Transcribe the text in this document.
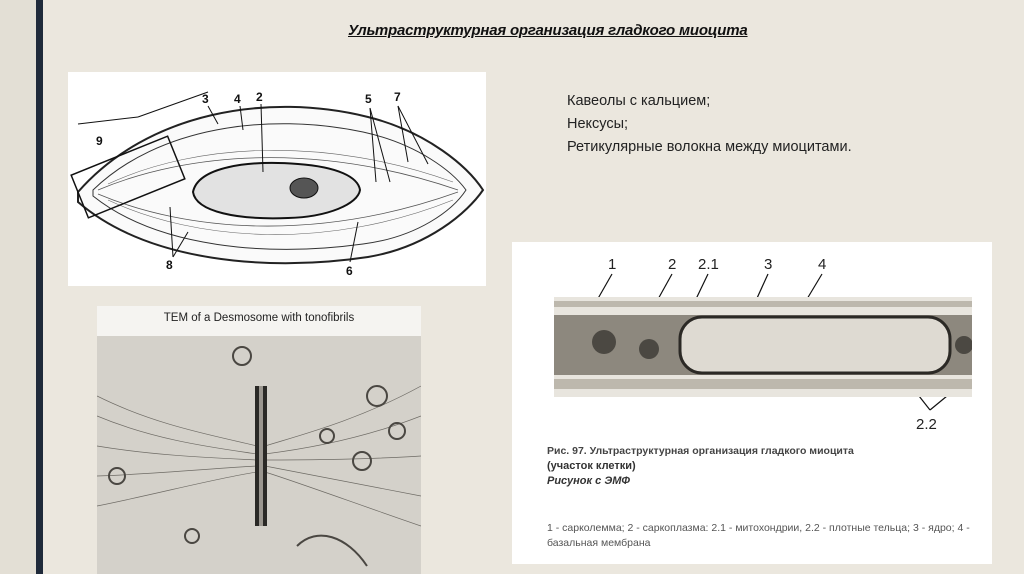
Ультраструктурная организация гладкого миоцита
Кавеолы с кальцием;
Нексусы;
Ретикулярные волокна между миоцитами.
9
3 4 2	5 7
8	6
TEM of a Desmosome with tonofibrils
1	2 2.1	3	4
2.2
Рис. 97. Ультраструктурная организация гладкого миоцита
(участок клетки)
Рисунок с ЭМФ
1 - сарколемма; 2 - саркоплазма: 2.1 - митохондрии, 2.2 - плотные тельца; 3 - ядро; 4 - базальная мембрана
